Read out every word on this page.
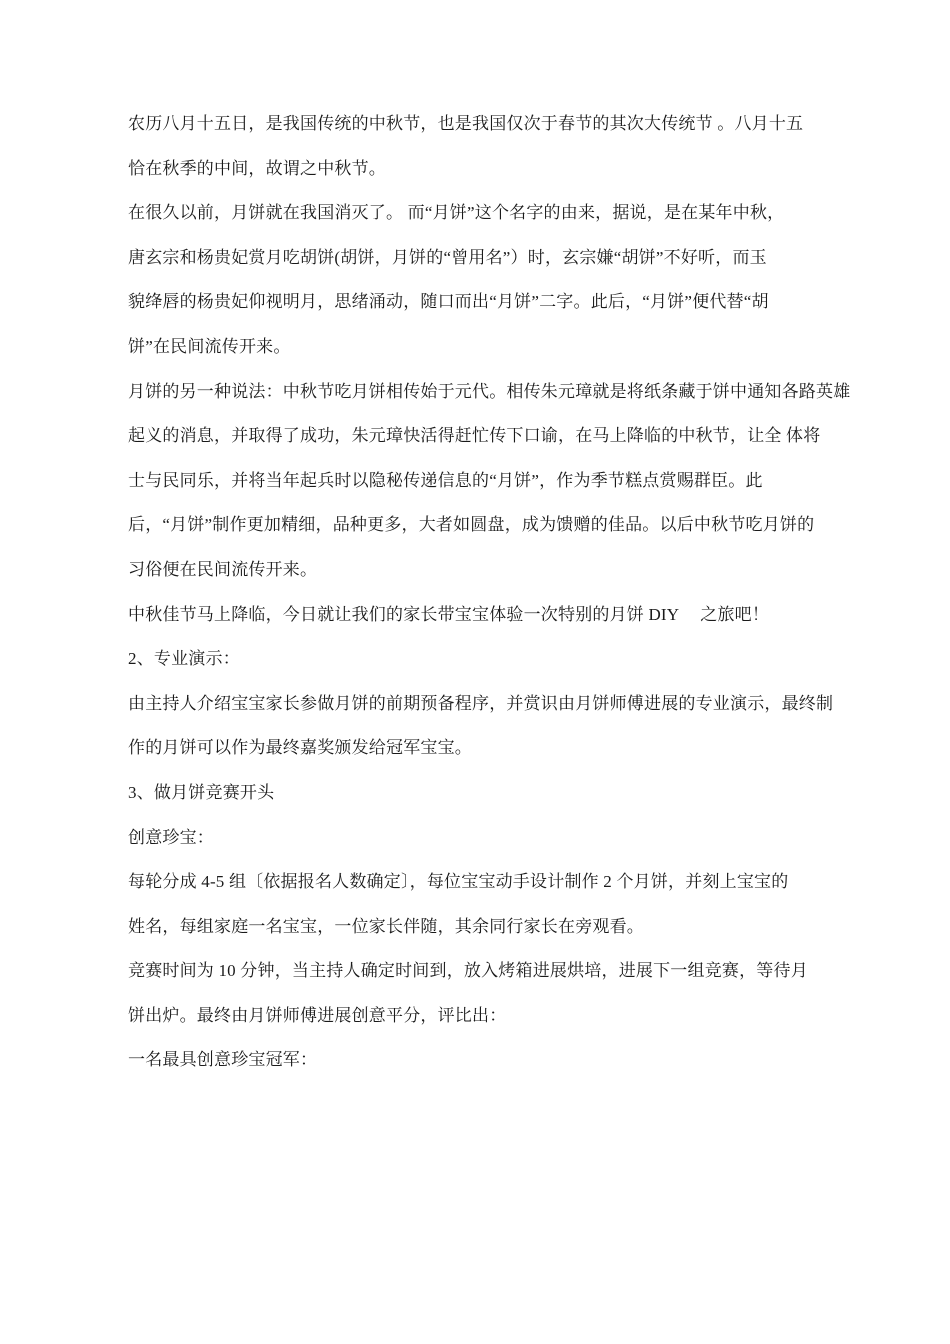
农历八月十五日，是我国传统的中秋节，也是我国仅次于春节的其次大传统节 。八月十五
恰在秋季的中间，故谓之中秋节。
在很久以前，月饼就在我国消灭了。 而“月饼”这个名字的由来，据说，是在某年中秋，
唐玄宗和杨贵妃赏月吃胡饼(胡饼，月饼的“曾用名”）时，玄宗嫌“胡饼”不好听，而玉
貌绛唇的杨贵妃仰视明月，思绪涌动，随口而出“月饼”二字。此后，“月饼”便代替“胡
饼”在民间流传开来。
月饼的另一种说法：中秋节吃月饼相传始于元代。相传朱元璋就是将纸条藏于饼中通知各路英雄
起义的消息，并取得了成功，朱元璋快活得赶忙传下口谕，在马上降临的中秋节，让全 体将
士与民同乐，并将当年起兵时以隐秘传递信息的“月饼”，作为季节糕点赏赐群臣。此
后，“月饼”制作更加精细，品种更多，大者如圆盘，成为馈赠的佳品。以后中秋节吃月饼的
习俗便在民间流传开来。
中秋佳节马上降临，今日就让我们的家长带宝宝体验一次特别的月饼 DIY　 之旅吧！
2、专业演示：
由主持人介绍宝宝家长参做月饼的前期预备程序，并赏识由月饼师傅进展的专业演示，最终制
作的月饼可以作为最终嘉奖颁发给冠军宝宝。
3、做月饼竞赛开头
创意珍宝：
每轮分成 4-5 组〔依据报名人数确定〕，每位宝宝动手设计制作 2 个月饼，并刻上宝宝的
姓名，每组家庭一名宝宝，一位家长伴随，其余同行家长在旁观看。
竞赛时间为 10 分钟，当主持人确定时间到，放入烤箱进展烘培，进展下一组竞赛，等待月
饼出炉。最终由月饼师傅进展创意平分，评比出：
一名最具创意珍宝冠军：
